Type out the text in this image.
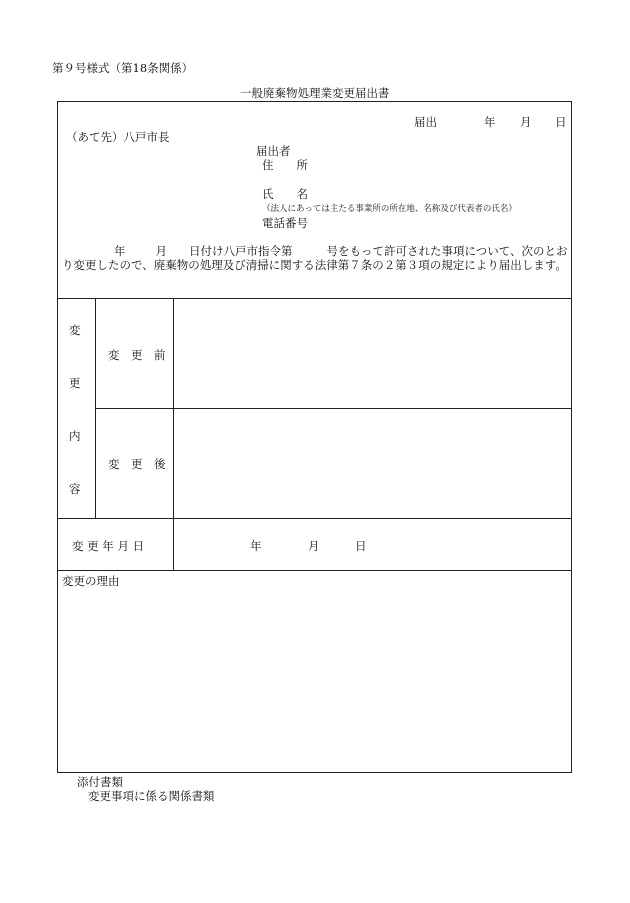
第９号様式（第18条関係）
一般廃棄物処理業変更届出書
届出	年 月 日
（あて先）八戸市長
届出者
住　　所
氏　　名
（法人にあっては主たる事業所の所在地、名称及び代表者の氏名）
電話番号
年	月 日付け八戸市指令第	号をもって許可された事項について、次のとおり変更したので、廃棄物の処理及び清掃に関する法律第７条の２第３項の規定により届出します。
変
更
内
容
変　更　前
変　更　後
変 更 年 月 日	年	月	日
変更の理由
添付書類
変更事項に係る関係書類
